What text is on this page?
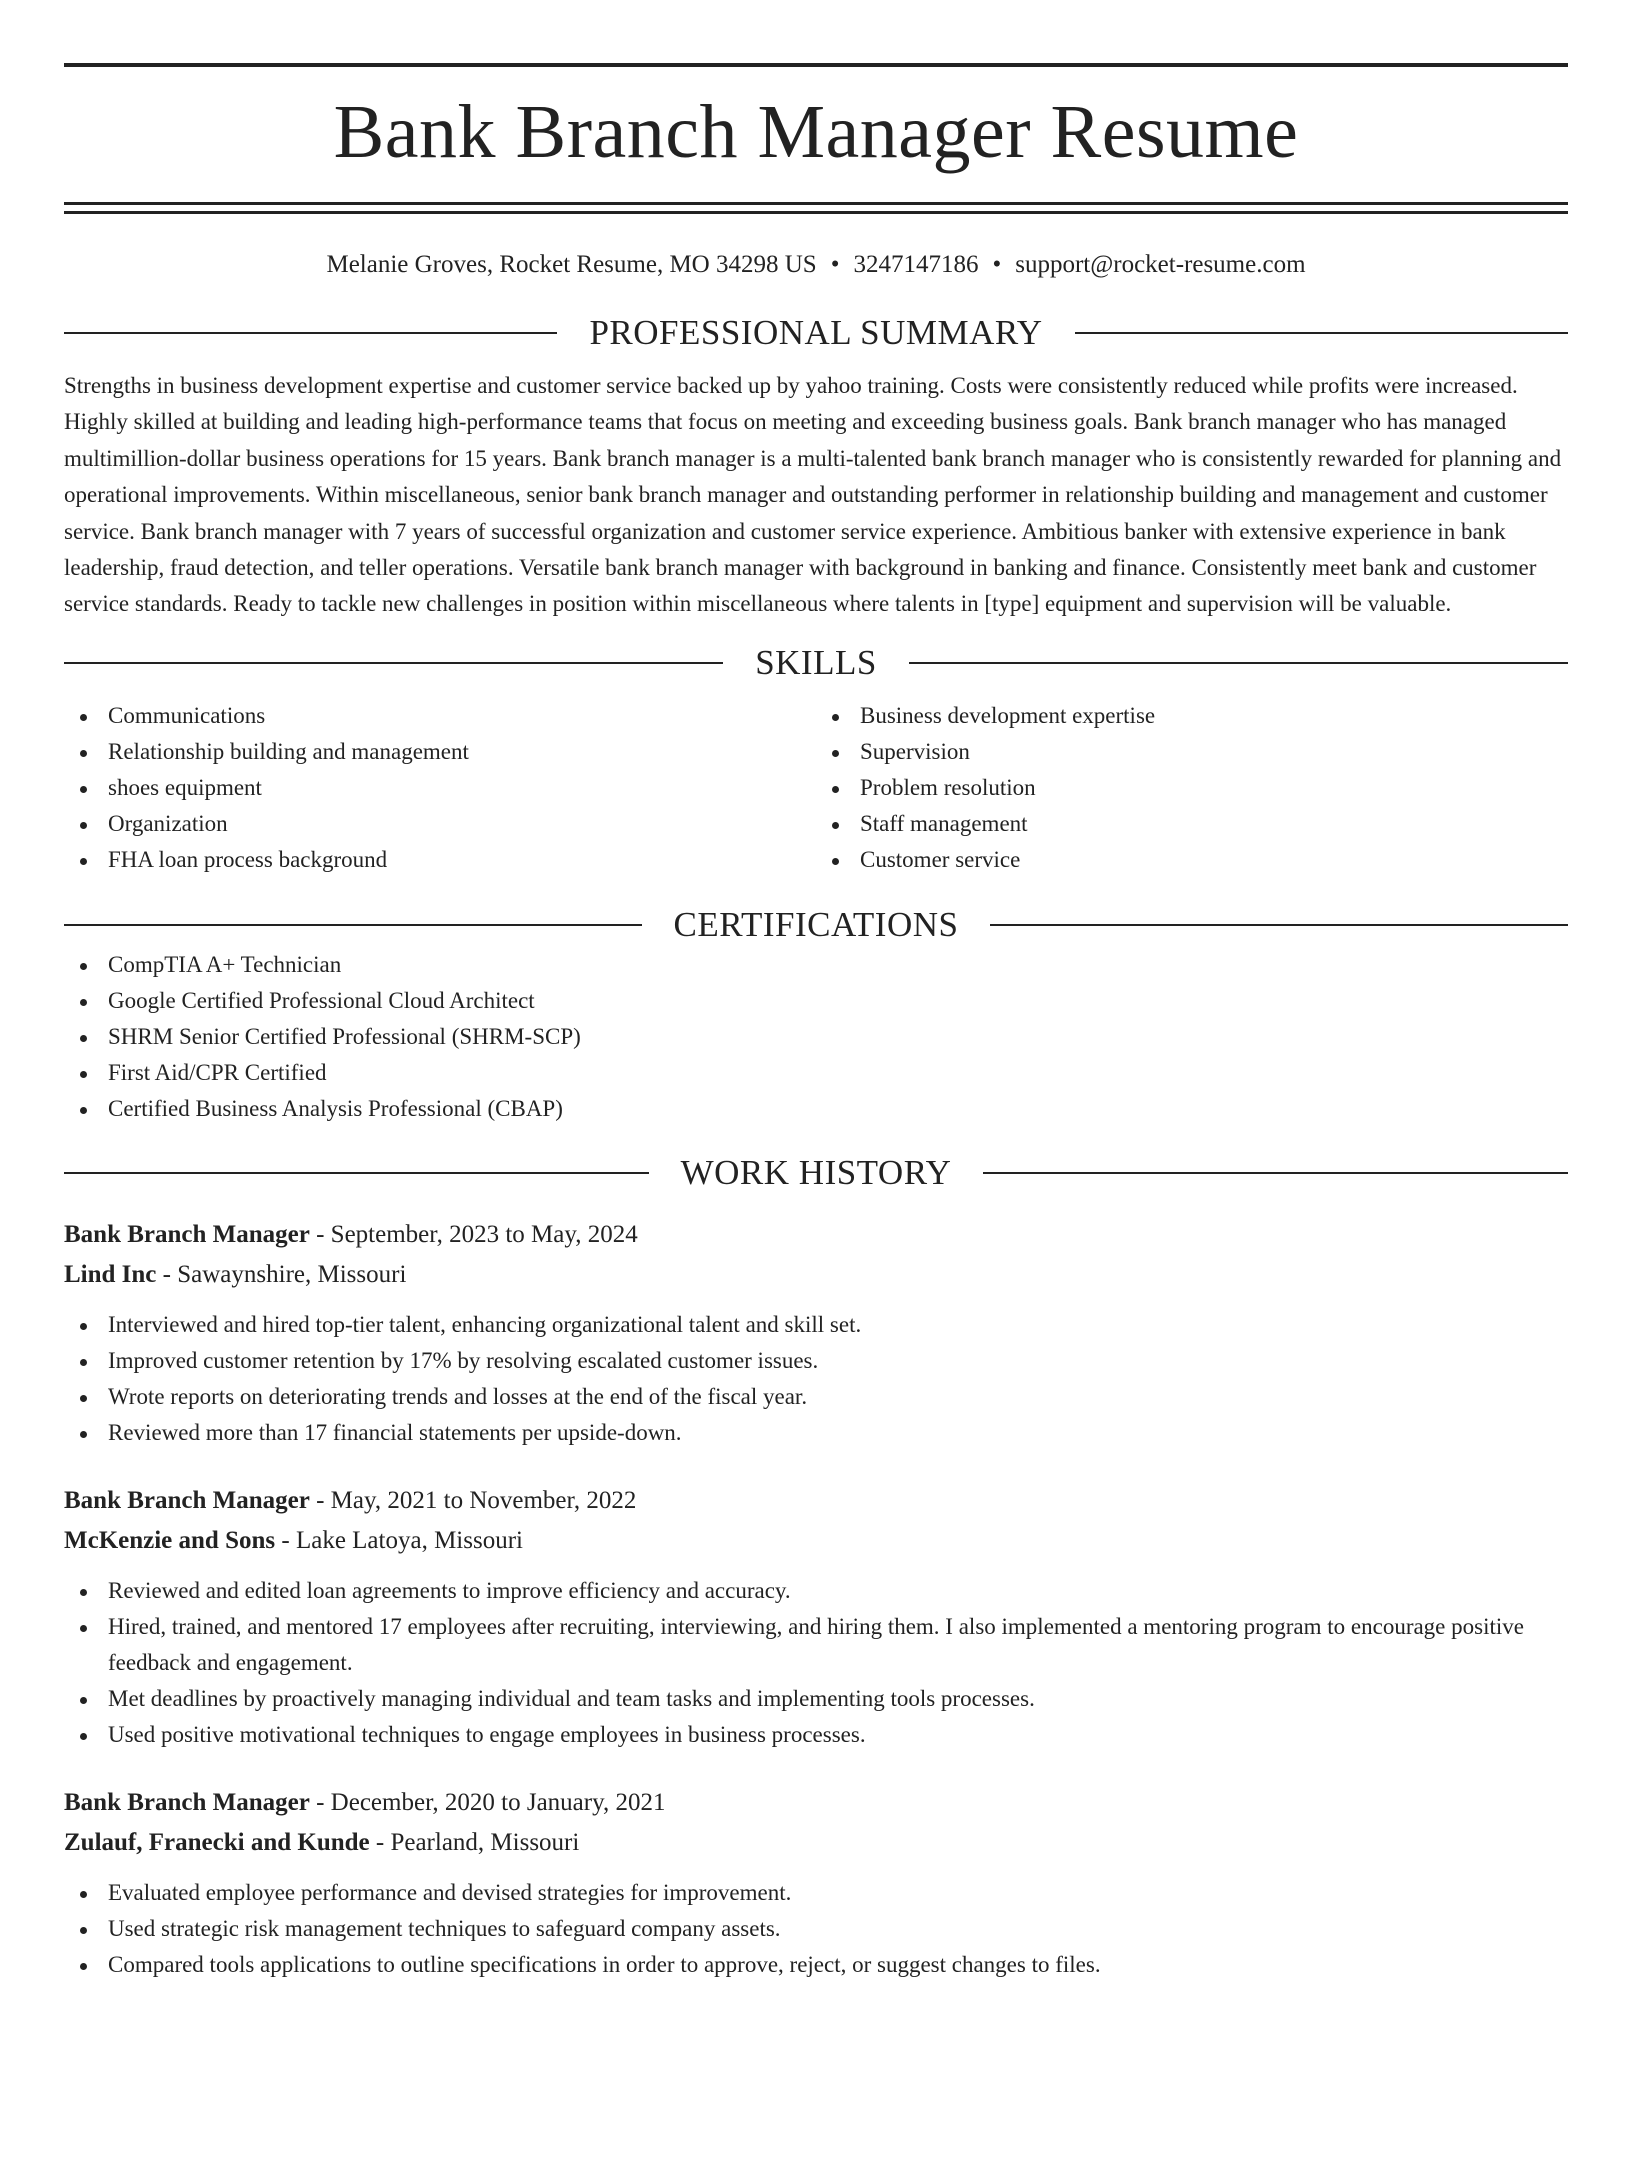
Bank Branch Manager Resume
Melanie Groves, Rocket Resume, MO 34298 US • 3247147186 • support@rocket-resume.com
PROFESSIONAL SUMMARY

Strengths in business development expertise and customer service backed up by yahoo training. Costs were consistently reduced while profits were increased. Highly skilled at building and leading high-performance teams that focus on meeting and exceeding business goals. Bank branch manager who has managed multimillion-dollar business operations for 15 years. Bank branch manager is a multi-talented bank branch manager who is consistently rewarded for planning and operational improvements. Within miscellaneous, senior bank branch manager and outstanding performer in relationship building and management and customer service. Bank branch manager with 7 years of successful organization and customer service experience. Ambitious banker with extensive experience in bank leadership, fraud detection, and teller operations. Versatile bank branch manager with background in banking and finance. Consistently meet bank and customer service standards. Ready to tackle new challenges in position within miscellaneous where talents in [type] equipment and supervision will be valuable.

SKILLS
Communications
Relationship building and management
shoes equipment
Organization
FHA loan process background
Business development expertise
Supervision
Problem resolution
Staff management
Customer service
CERTIFICATIONS
CompTIA A+ Technician
Google Certified Professional Cloud Architect
SHRM Senior Certified Professional (SHRM-SCP)
First Aid/CPR Certified
Certified Business Analysis Professional (CBAP)
WORK HISTORY
Bank Branch Manager - September, 2023 to May, 2024
Lind Inc - Sawaynshire, Missouri
Interviewed and hired top-tier talent, enhancing organizational talent and skill set.
Improved customer retention by 17% by resolving escalated customer issues.
Wrote reports on deteriorating trends and losses at the end of the fiscal year.
Reviewed more than 17 financial statements per upside-down.
Bank Branch Manager - May, 2021 to November, 2022
McKenzie and Sons - Lake Latoya, Missouri
Reviewed and edited loan agreements to improve efficiency and accuracy.
Hired, trained, and mentored 17 employees after recruiting, interviewing, and hiring them. I also implemented a mentoring program to encourage positive feedback and engagement.
Met deadlines by proactively managing individual and team tasks and implementing tools processes.
Used positive motivational techniques to engage employees in business processes.
Bank Branch Manager - December, 2020 to January, 2021
Zulauf, Franecki and Kunde - Pearland, Missouri
Evaluated employee performance and devised strategies for improvement.
Used strategic risk management techniques to safeguard company assets.
Compared tools applications to outline specifications in order to approve, reject, or suggest changes to files.
